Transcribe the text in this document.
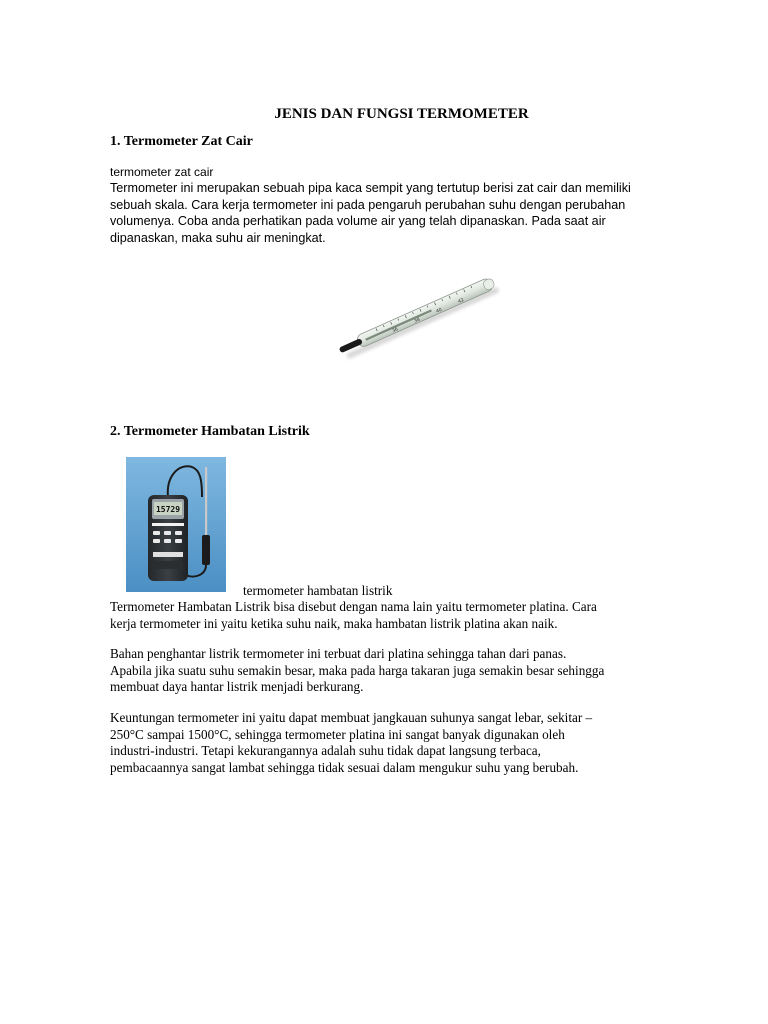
JENIS DAN FUNGSI TERMOMETER
1. Termometer Zat Cair
termometer zat cair
Termometer ini merupakan sebuah pipa kaca sempit yang tertutup berisi zat cair dan memiliki
sebuah skala. Cara kerja termometer ini pada pengaruh perubahan suhu dengan perubahan
volumenya. Coba anda perhatikan pada volume air yang telah dipanaskan. Pada saat air
dipanaskan, maka suhu air meningkat.
36
38
40
42
2. Termometer Hambatan Listrik
15729
termometer hambatan listrik
Termometer Hambatan Listrik bisa disebut dengan nama lain yaitu termometer platina. Cara
kerja termometer ini yaitu ketika suhu naik, maka hambatan listrik platina akan naik.
Bahan penghantar listrik termometer ini terbuat dari platina sehingga tahan dari panas.
Apabila jika suatu suhu semakin besar, maka pada harga takaran juga semakin besar sehingga
membuat daya hantar listrik menjadi berkurang.
Keuntungan termometer ini yaitu dapat membuat jangkauan suhunya sangat lebar, sekitar –
250°C sampai 1500°C, sehingga termometer platina ini sangat banyak digunakan oleh
industri-industri. Tetapi kekurangannya adalah suhu tidak dapat langsung terbaca,
pembacaannya sangat lambat sehingga tidak sesuai dalam mengukur suhu yang berubah.
